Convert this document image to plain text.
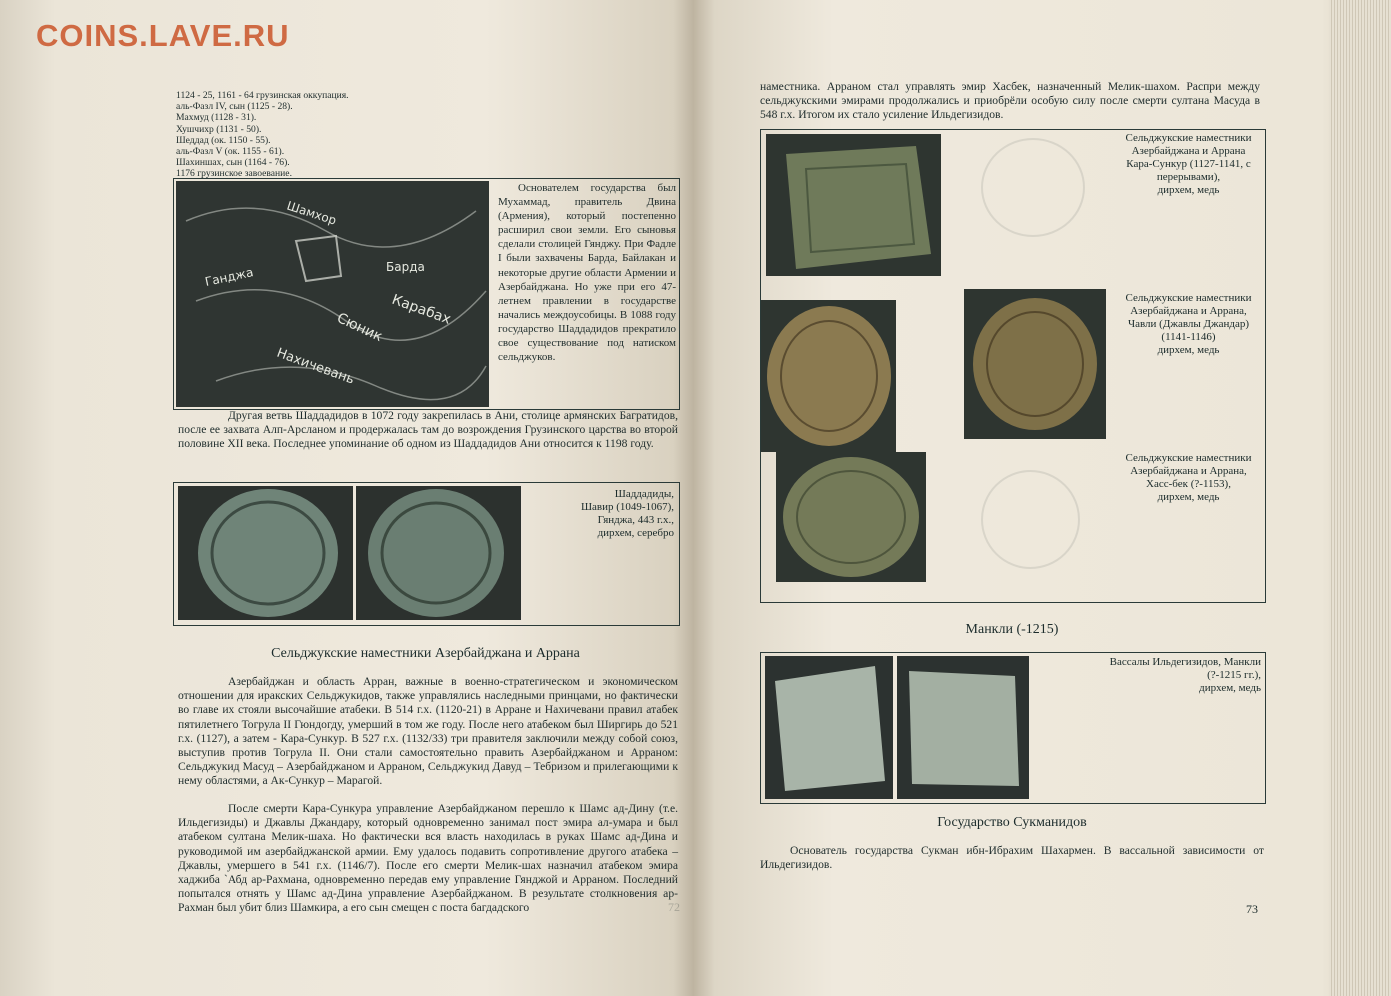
1124 - 25, 1161 - 64 грузинская оккупация.
аль-Фазл IV, сын (1125 - 28).
Махмуд (1128 - 31).
Хушчихр (1131 - 50).
Шеддад (ок. 1150 - 55).
аль-Фазл V (ок. 1155 - 61).
Шахиншах, сын (1164 - 76).
1176 грузинское завоевание.
Шамхор
Ганджа	Барда
Нахичевань
Сюник Карабах
Основателем государства был Мухаммад, правитель Двина (Армения), который постепенно расширил свои земли. Его сыновья сделали столицей Гянджу. При Фадле I были захвачены Барда, Байлакан и некоторые другие области Армении и Азербайджана. Но уже при его 47-летнем правлении в государстве начались междоусобицы. В 1088 году государство Шаддадидов прекратило свое существование под натиском сельджуков.
Другая ветвь Шаддадидов в 1072 году закрепилась в Ани, столице армянских Багратидов, после ее захвата Алп-Арсланом и продержалась там до возрождения Грузинского царства во второй половине XII века. Последнее упоминание об одном из Шаддадидов Ани относится к 1198 году.
Шаддадиды,
Шавир (1049-1067),
Гянджа, 443 г.х.,
дирхем, серебро
Сельджукские наместники Азербайджана и Аррана
Азербайджан и область Арран, важные в военно-стратегическом и экономическом отношении для иракских Сельджукидов, также управлялись наследными принцами, но фактически во главе их стояли высочайшие атабеки. В 514 г.х. (1120-21) в Арране и Нахичевани правил атабек пятилетнего Тогрула II Гюндогду, умерший в том же году. После него атабеком был Ширгирь до 521 г.х. (1127), а затем - Кара-Сункур. В 527 г.х. (1132/33) три правителя заключили между собой союз, выступив против Тогрула II. Они стали самостоятельно править Азербайджаном и Арраном: Сельджукид Масуд – Азербайджаном и Арраном, Сельджукид Давуд – Тебризом и прилегающими к нему областями, а Ак-Сункур – Марагой.
После смерти Кара-Сункура управление Азербайджаном перешло к Шамс ад-Дину (т.е. Ильдегизиды) и Джавлы Джандару, который одновременно занимал пост эмира ал-умара и был атабеком султана Мелик-шаха. Но фактически вся власть находилась в руках Шамс ад-Дина и руководимой им азербайджанской армии. Ему удалось подавить сопротивление другого атабека – Джавлы, умершего в 541 г.х. (1146/7). После его смерти Мелик-шах назначил атабеком эмира хаджиба `Абд ар-Рахмана, одновременно передав ему управление Гянджой и Арраном. Последний попытался отнять у Шамс ад-Дина управление Азербайджаном. В результате столкновения ар-Рахман был убит близ Шамкира, а его сын смещен с поста багдадского	72
наместника. Арраном стал управлять эмир Хасбек, назначенный Мелик-шахом. Распри между сельджукскими эмирами продолжались и приобрёли особую силу после смерти султана Масуда в 548 г.х. Итогом их стало усиление Ильдегизидов.
Сельджукские наместники
Азербайджана и Аррана
Кара-Сункур (1127-1141, с
перерывами),
дирхем, медь
Сельджукские наместники
Азербайджана и Аррана,
Чавли (Джавлы Джандар)
(1141-1146)
дирхем, медь
Сельджукские наместники
Азербайджана и Аррана,
Хасс-бек (?-1153),
дирхем, медь
Манкли (-1215)
Вассалы Ильдегизидов, Манкли
(?-1215 гг.),
дирхем, медь
Государство Сукманидов
Основатель государства Сукман ибн-Ибрахим Шахармен. В вассальной зависимости от Ильдегизидов.
73
COINS.LAVE.RU
